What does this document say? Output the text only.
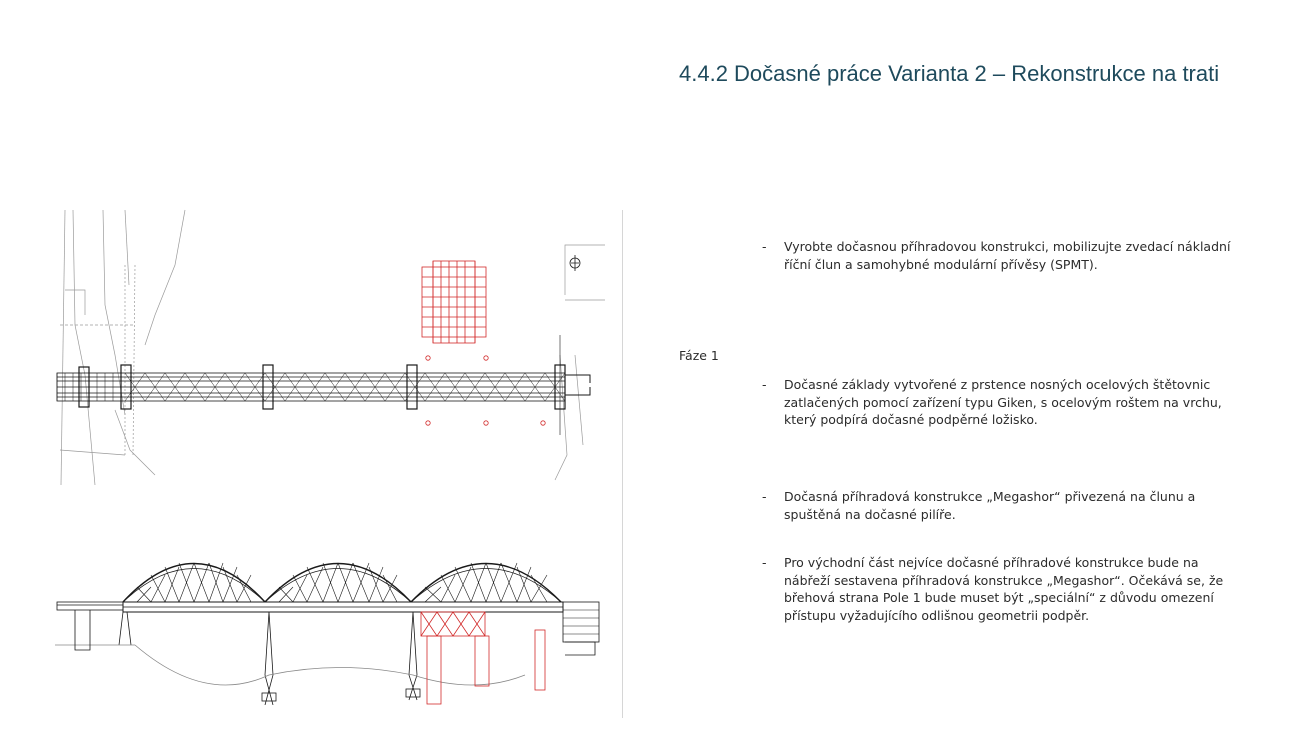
4.4.2 Dočasné práce Varianta 2 – Rekonstrukce na trati
- Vyrobte dočasnou příhradovou konstrukci, mobilizujte zvedací nákladní říční člun a samohybné modulární přívěsy (SPMT).
Fáze 1
- Dočasné základy vytvořené z prstence nosných ocelových štětovnic zatlačených pomocí zařízení typu Giken, s ocelovým roštem na vrchu, který podpírá dočasné podpěrné ložisko.
- Dočasná příhradová konstrukce „Megashor“ přivezená na člunu a spuštěná na dočasné pilíře.
- Pro východní část nejvíce dočasné příhradové konstrukce bude na nábřeží sestavena příhradová konstrukce „Megashor“. Očekává se, že břehová strana Pole 1 bude muset být „speciální“ z důvodu omezení přístupu vyžadujícího odlišnou geometrii podpěr.
